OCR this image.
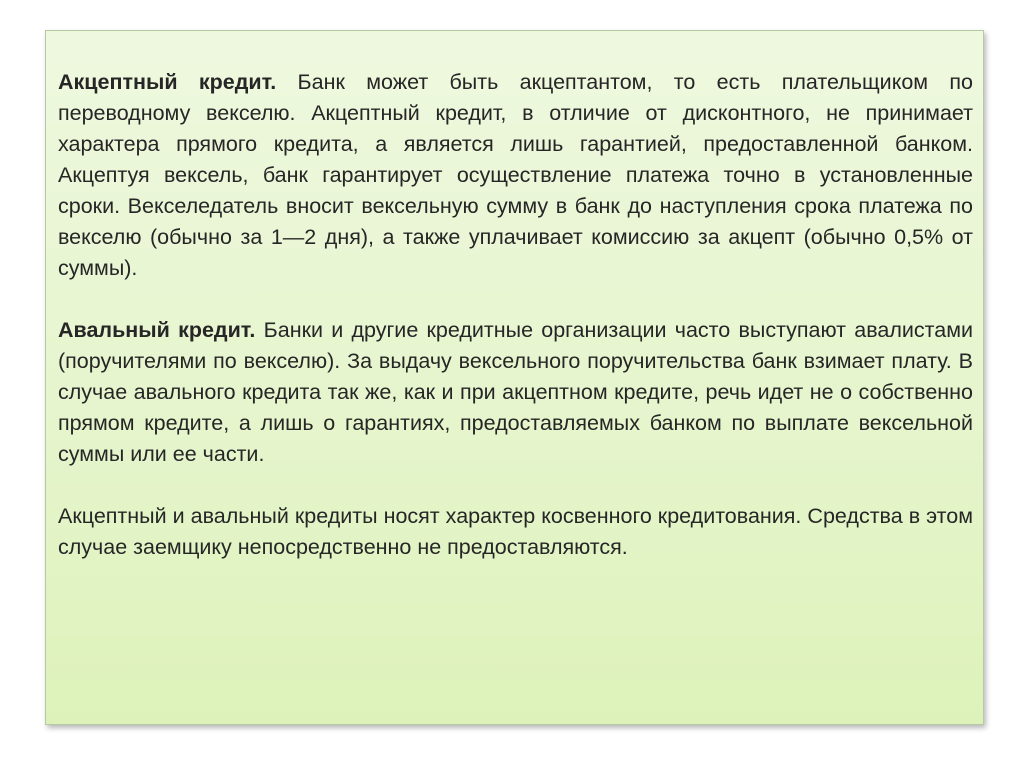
Акцептный кредит. Банк может быть акцептантом, то есть плательщиком по переводному векселю. Акцептный кредит, в отличие от дисконтного, не принимает характера прямого кредита, а является лишь гарантией, предоставленной банком. Акцептуя вексель, банк гарантирует осуществление платежа точно в установленные сроки. Векселедатель вносит вексельную сумму в банк до наступления срока платежа по векселю (обычно за 1—2 дня), а также уплачивает комиссию за акцепт (обычно 0,5% от суммы).

Авальный кредит. Банки и другие кредитные организации часто выступают авалистами (поручителями по векселю). За выдачу вексельного поручительства банк взимает плату. В случае авального кредита так же, как и при акцептном кредите, речь идет не о собственно прямом кредите, а лишь о гарантиях, предоставляемых банком по выплате вексельной суммы или ее части.

Акцептный и авальный кредиты носят характер косвенного кредитования. Средства в этом случае заемщику непосредственно не предоставляются.
